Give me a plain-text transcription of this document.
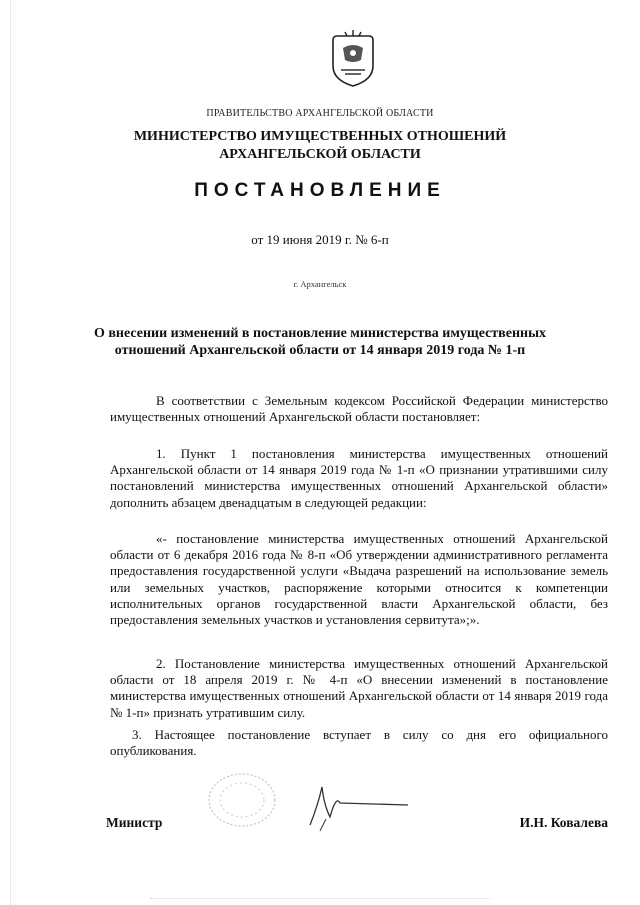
ПРАВИТЕЛЬСТВО АРХАНГЕЛЬСКОЙ ОБЛАСТИ
МИНИСТЕРСТВО ИМУЩЕСТВЕННЫХ ОТНОШЕНИЙ
АРХАНГЕЛЬСКОЙ ОБЛАСТИ
ПОСТАНОВЛЕНИЕ
от 19 июня 2019 г. № 6-п
г. Архангельск
О внесении изменений в постановление министерства имущественных
отношений Архангельской области от 14 января 2019 года № 1-п
В соответствии с Земельным кодексом Российской Федерации министерство имущественных отношений Архангельской области постановляет:
1. Пункт 1 постановления министерства имущественных отношений Архангельской области от 14 января 2019 года № 1-п «О признании утратившими силу постановлений министерства имущественных отношений Архангельской области» дополнить абзацем двенадцатым в следующей редакции:
«- постановление министерства имущественных отношений Архангельской области от 6 декабря 2016 года № 8-п «Об утверждении административного регламента предоставления государственной услуги «Выдача разрешений на использование земель или земельных участков, распоряжение которыми относится к компетенции исполнительных органов государственной власти Архангельской области, без предоставления земельных участков и установления сервитута»;».
2. Постановление министерства имущественных отношений Архангельской области от 18 апреля 2019 г. № 4-п «О внесении изменений в постановление министерства имущественных отношений Архангельской области от 14 января 2019 года № 1-п» признать утратившим силу.
3. Настоящее постановление вступает в силу со дня его официального опубликования.
Министр	И.Н. Ковалева
